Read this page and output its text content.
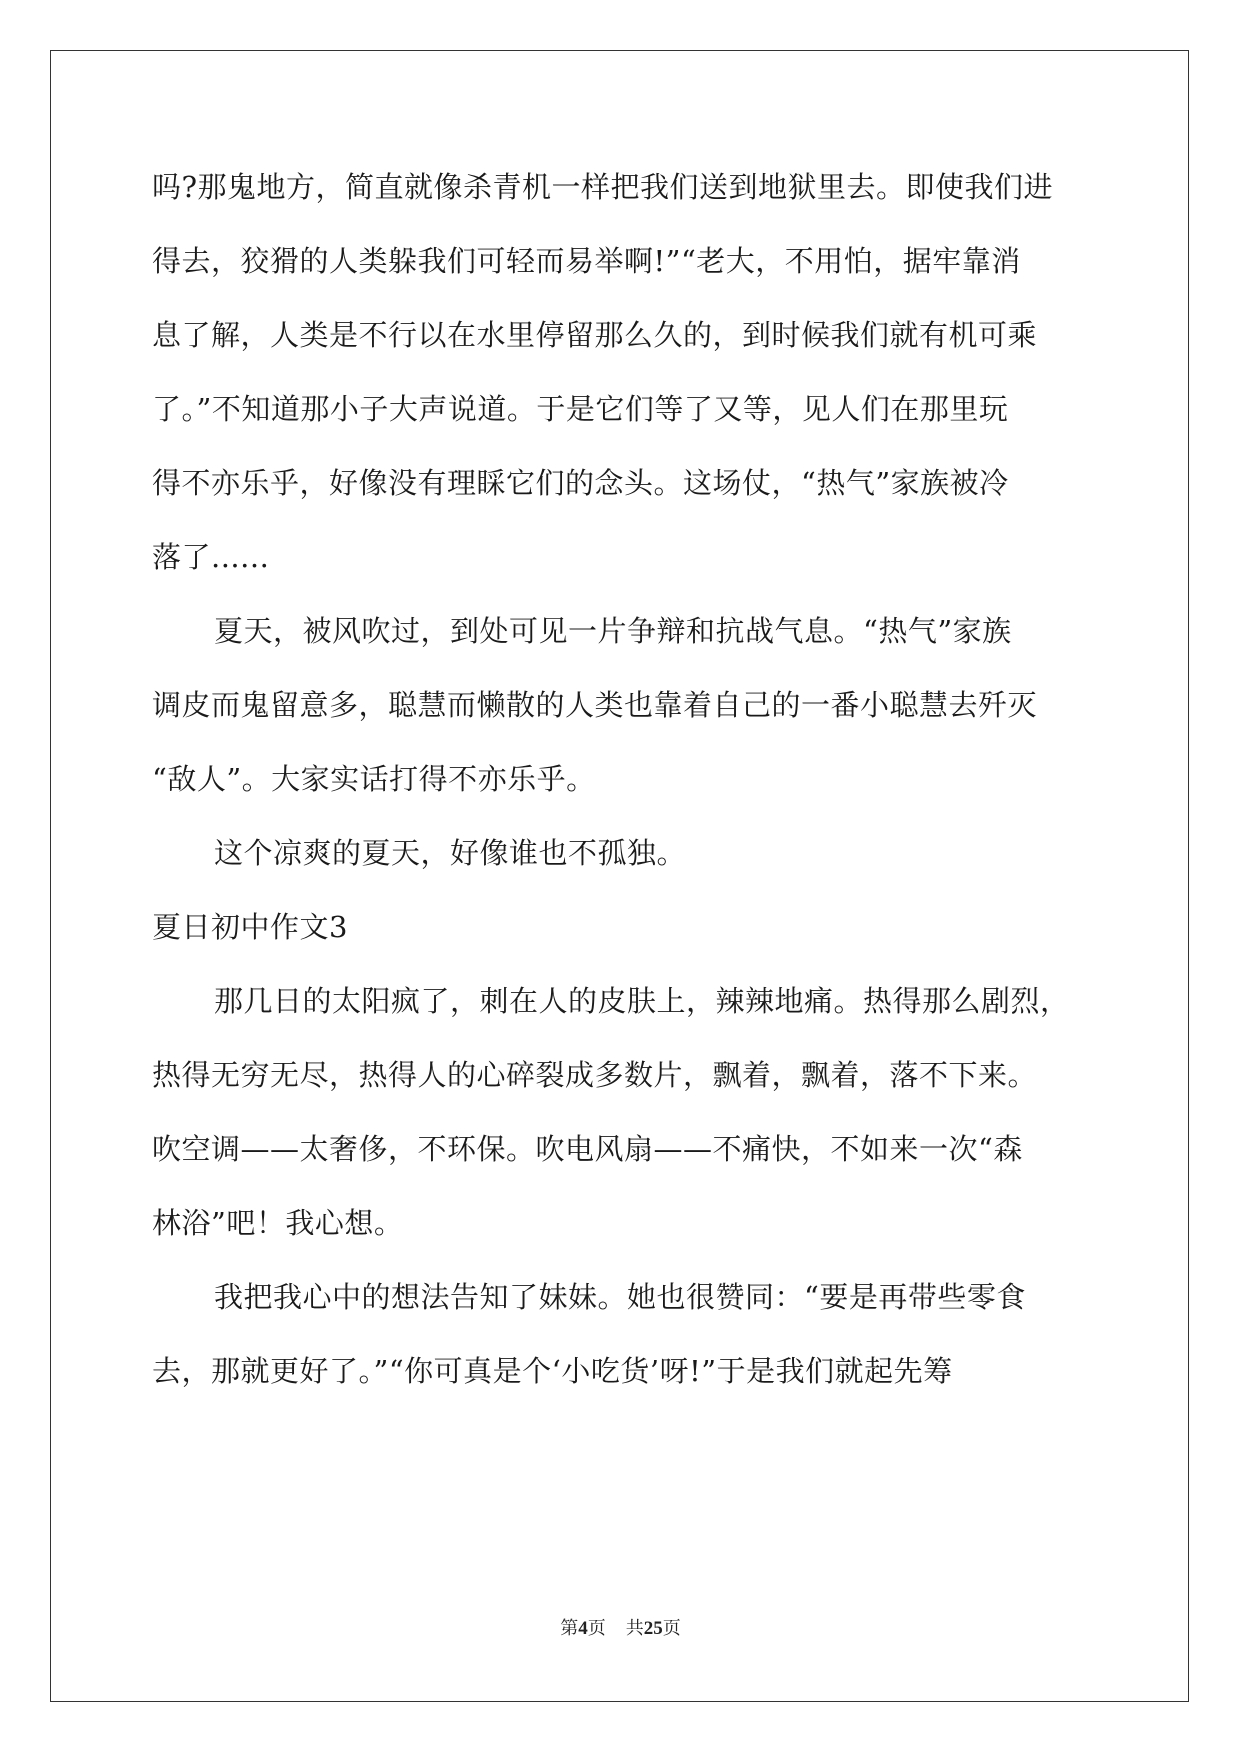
吗?那鬼地方，简直就像杀青机一样把我们送到地狱里去。即使我们进
得去，狡猾的人类躲我们可轻而易举啊!”“老大，不用怕，据牢靠消
息了解，人类是不行以在水里停留那么久的，到时候我们就有机可乘
了。”不知道那小子大声说道。于是它们等了又等，见人们在那里玩
得不亦乐乎，好像没有理睬它们的念头。这场仗，“热气”家族被冷
落了......
夏天，被风吹过，到处可见一片争辩和抗战气息。“热气”家族
调皮而鬼留意多，聪慧而懒散的人类也靠着自己的一番小聪慧去歼灭
“敌人”。大家实话打得不亦乐乎。
这个凉爽的夏天，好像谁也不孤独。
夏日初中作文3
那几日的太阳疯了，刺在人的皮肤上，辣辣地痛。热得那么剧烈，
热得无穷无尽，热得人的心碎裂成多数片，飘着，飘着，落不下来。
吹空调——太奢侈，不环保。吹电风扇——不痛快，不如来一次“森
林浴”吧！我心想。
我把我心中的想法告知了妹妹。她也很赞同：“要是再带些零食
去，那就更好了。”“你可真是个‘小吃货’呀!”于是我们就起先筹
第4页 共25页
